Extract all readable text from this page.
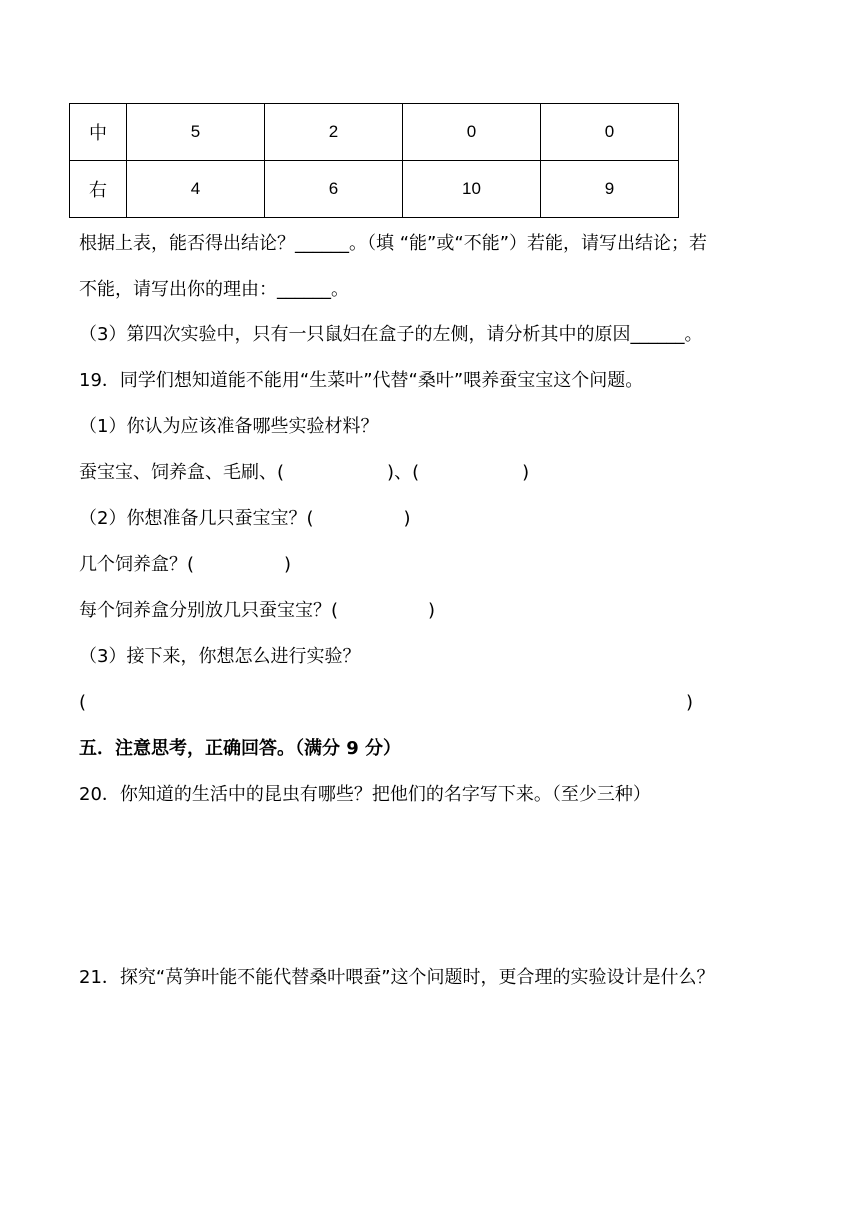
中	5	2	0	0
右	4	6	10	9
根据上表，能否得出结论？______。（填 “能”或“不能”）若能，请写出结论；若
不能，请写出你的理由：______。
（3）第四次实验中，只有一只鼠妇在盒子的左侧，请分析其中的原因______。
19．同学们想知道能不能用“生菜叶”代替“桑叶”喂养蚕宝宝这个问题。
（1）你认为应该准备哪些实验材料？
蚕宝宝、饲养盒、毛刷、(	)、(	)
（2）你想准备几只蚕宝宝？(	)
几个饲养盒？(	)
每个饲养盒分别放几只蚕宝宝？(	)
（3）接下来，你想怎么进行实验？
(	)
五．注意思考，正确回答。（满分 9 分）
20．你知道的生活中的昆虫有哪些？把他们的名字写下来。（至少三种）
21．探究“莴笋叶能不能代替桑叶喂蚕”这个问题时，更合理的实验设计是什么？
